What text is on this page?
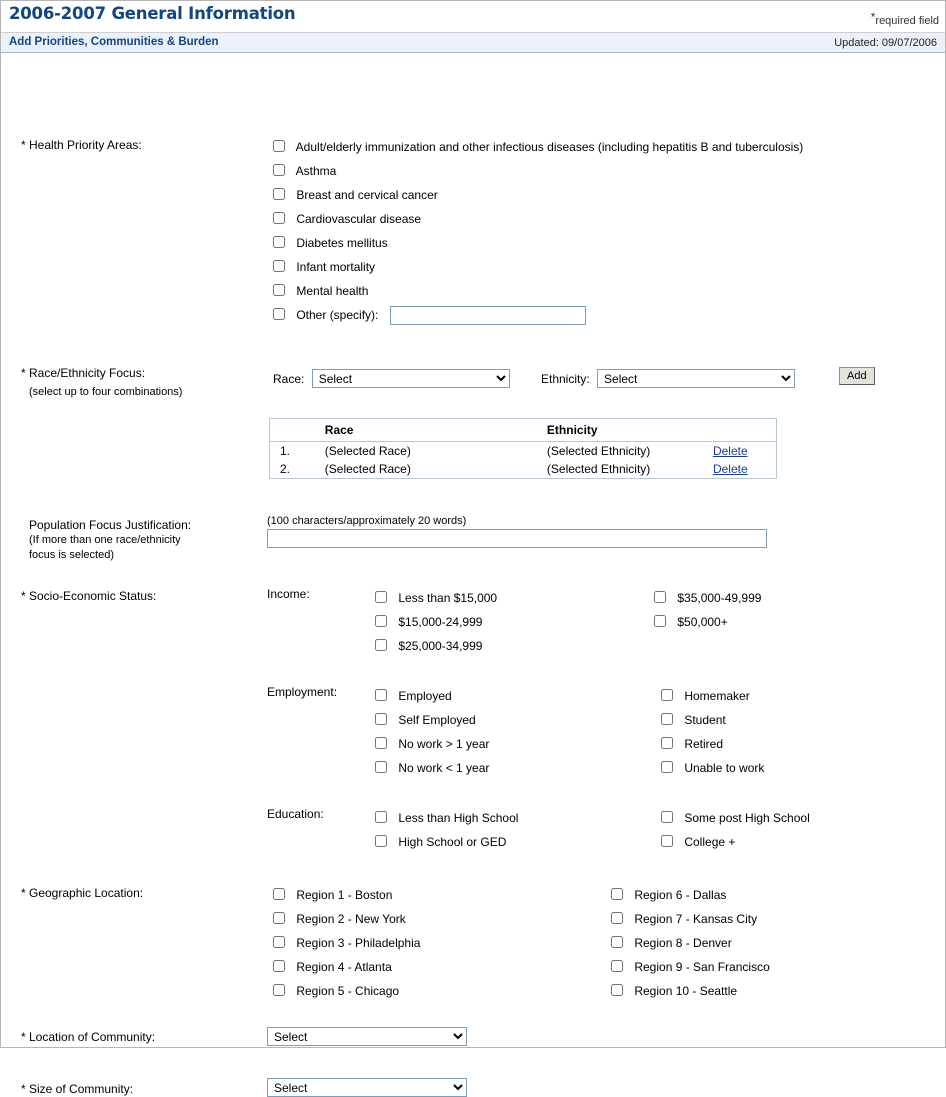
2006-2007 General Information	*required field
Add Priorities, Communities & Burden	Updated: 09/07/2006
* Health Priority Areas:	Adult/elderly immunization and other infectious diseases (including hepatitis B and tuberculosis)
Asthma
Breast and cervical cancer
Cardiovascular disease
Diabetes mellitus
Infant mortality
Mental health
Other (specify):
* Race/Ethnicity Focus:
(select up to four combinations)
Race:
Select	Ethnicity:
Select	Add
	Race	Ethnicity	
1.	(Selected Race)	(Selected Ethnicity)	Delete
2.	(Selected Race)	(Selected Ethnicity)	Delete
Population Focus Justification:
(If more than one race/ethnicity
focus is selected)
(100 characters/approximately 20 words)
* Socio-Economic Status:	Income:	Less than $15,000
$15,000-24,999
$25,000-34,999
$35,000-49,999
$50,000+
Employment:	Employed
Self Employed
No work > 1 year
No work < 1 year
Homemaker
Student
Retired
Unable to work
Education:	Less than High School
High School or GED
Some post High School
College +
* Geographic Location:	Region 1 - Boston
Region 2 - New York
Region 3 - Philadelphia
Region 4 - Atlanta
Region 5 - Chicago
Region 6 - Dallas
Region 7 - Kansas City
Region 8 - Denver
Region 9 - San Francisco
Region 10 - Seattle
* Location of Community:
Select
* Size of Community:
Select
